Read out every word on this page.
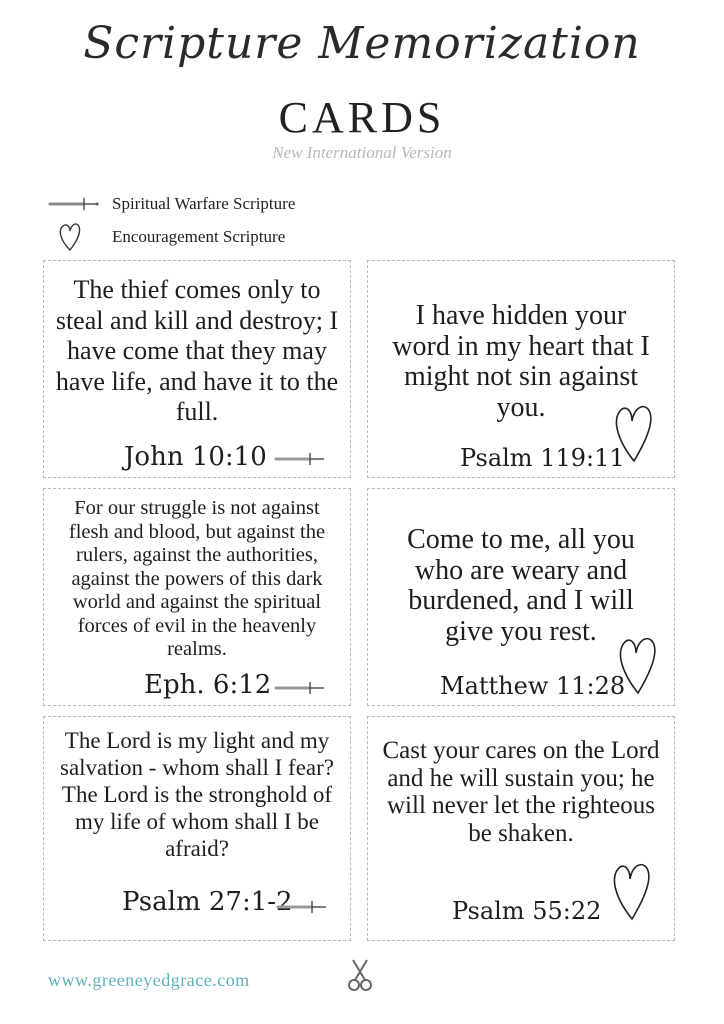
Scripture Memorization
CARDS
New International Version
Spiritual Warfare Scripture
Encouragement Scripture
The thief comes only to steal and kill and destroy; I have come that they may have life, and have it to the full.
John 10:10
I have hidden your word in my heart that I might not sin against you.
Psalm 119:11
For our struggle is not against flesh and blood, but against the rulers, against the authorities, against the powers of this dark world and against the spiritual forces of evil in the heavenly realms.
Eph. 6:12
Come to me, all you who are weary and burdened, and I will give you rest.
Matthew 11:28
The Lord is my light and my salvation - whom shall I fear? The Lord is the stronghold of my life of whom shall I be afraid?
Psalm 27:1-2
Cast your cares on the Lord and he will sustain you; he will never let the righteous be shaken.
Psalm 55:22
www.greeneyedgrace.com
